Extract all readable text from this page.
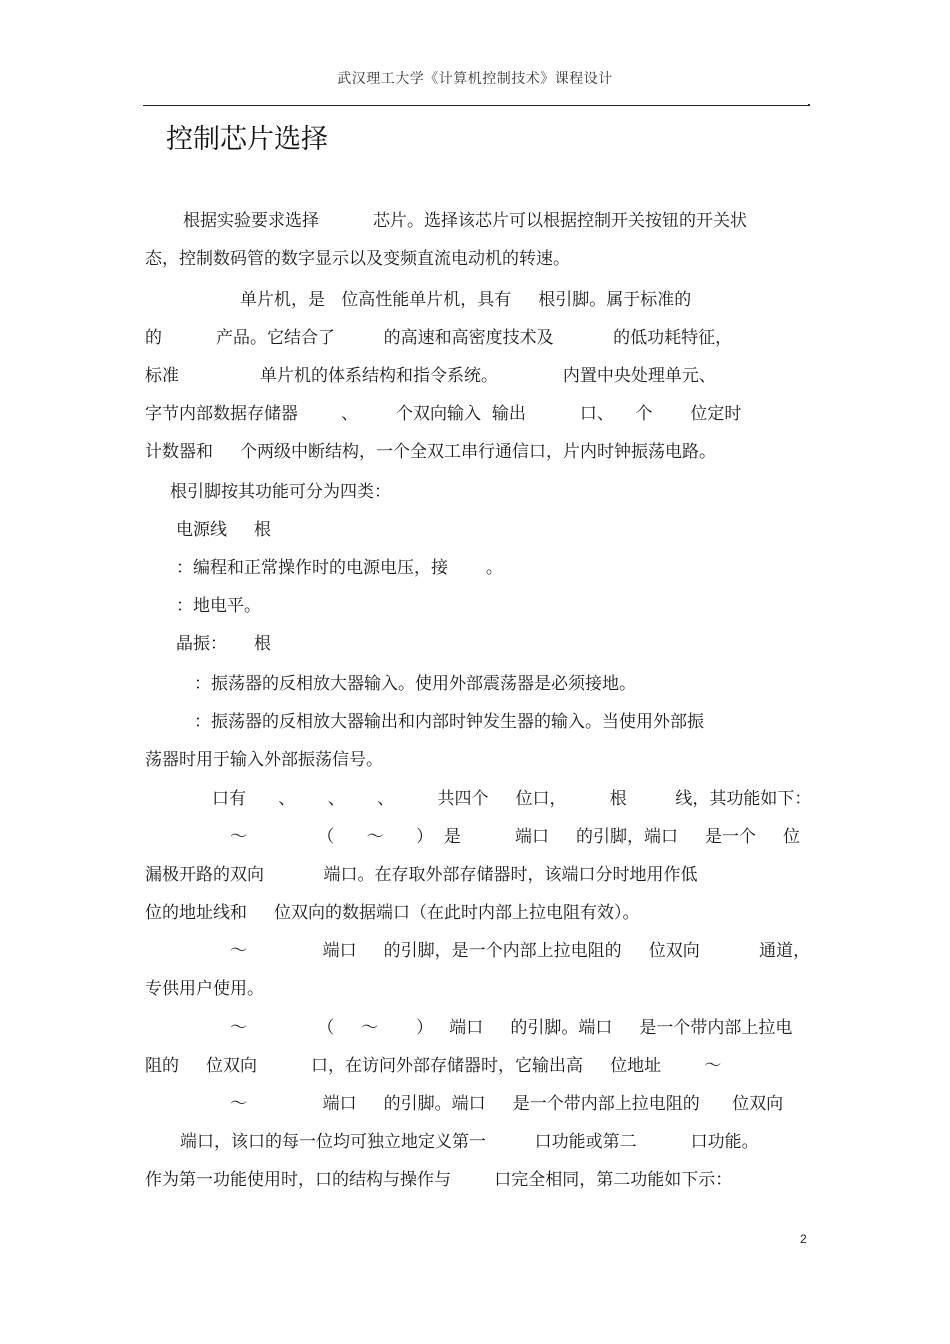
武汉理工大学《计算机控制技术》课程设计
控制芯片选择
根据实验要求选择          芯片。选择该芯片可以根据控制开关按钮的开关状
态，控制数码管的数字显示以及变频直流电动机的转速。
单片机，是   位高性能单片机，具有     根引脚。属于标准的
的          产品。它结合了         的高速和高密度技术及           的低功耗特征，
标准               单片机的体系结构和指令系统。            内置中央处理单元、
字节内部数据存储器        、       个双向输入  输出          口、    个       位定时
计数器和     个两级中断结构，一个全双工串行通信口，片内时钟振荡电路。
根引脚按其功能可分为四类：
电源线     根
：编程和正常操作时的电源电压，接       。
：地电平。
晶振：     根
：振荡器的反相放大器输入。使用外部震荡器是必须接地。
：振荡器的反相放大器输出和内部时钟发生器的输入。当使用外部振
荡器时用于输入外部振荡信号。
口有      、      、      、        共四个     位口，        根         线，其功能如下：
～             （      ～      ）  是          端口     的引脚，端口     是一个     位
漏极开路的双向           端口。在存取外部存储器时，该端口分时地用作低
位的地址线和     位双向的数据端口（在此时内部上拉电阻有效）。
～              端口     的引脚，是一个内部上拉电阻的     位双向           通道，
专供用户使用。
～             （     ～       ）   端口     的引脚。端口     是一个带内部上拉电
阻的     位双向          口，在访问外部存储器时，它输出高     位地址        ～
～              端口     的引脚。端口     是一个带内部上拉电阻的      位双向
端口，该口的每一位均可独立地定义第一         口功能或第二          口功能。
作为第一功能使用时，口的结构与操作与        口完全相同，第二功能如下示：
2
